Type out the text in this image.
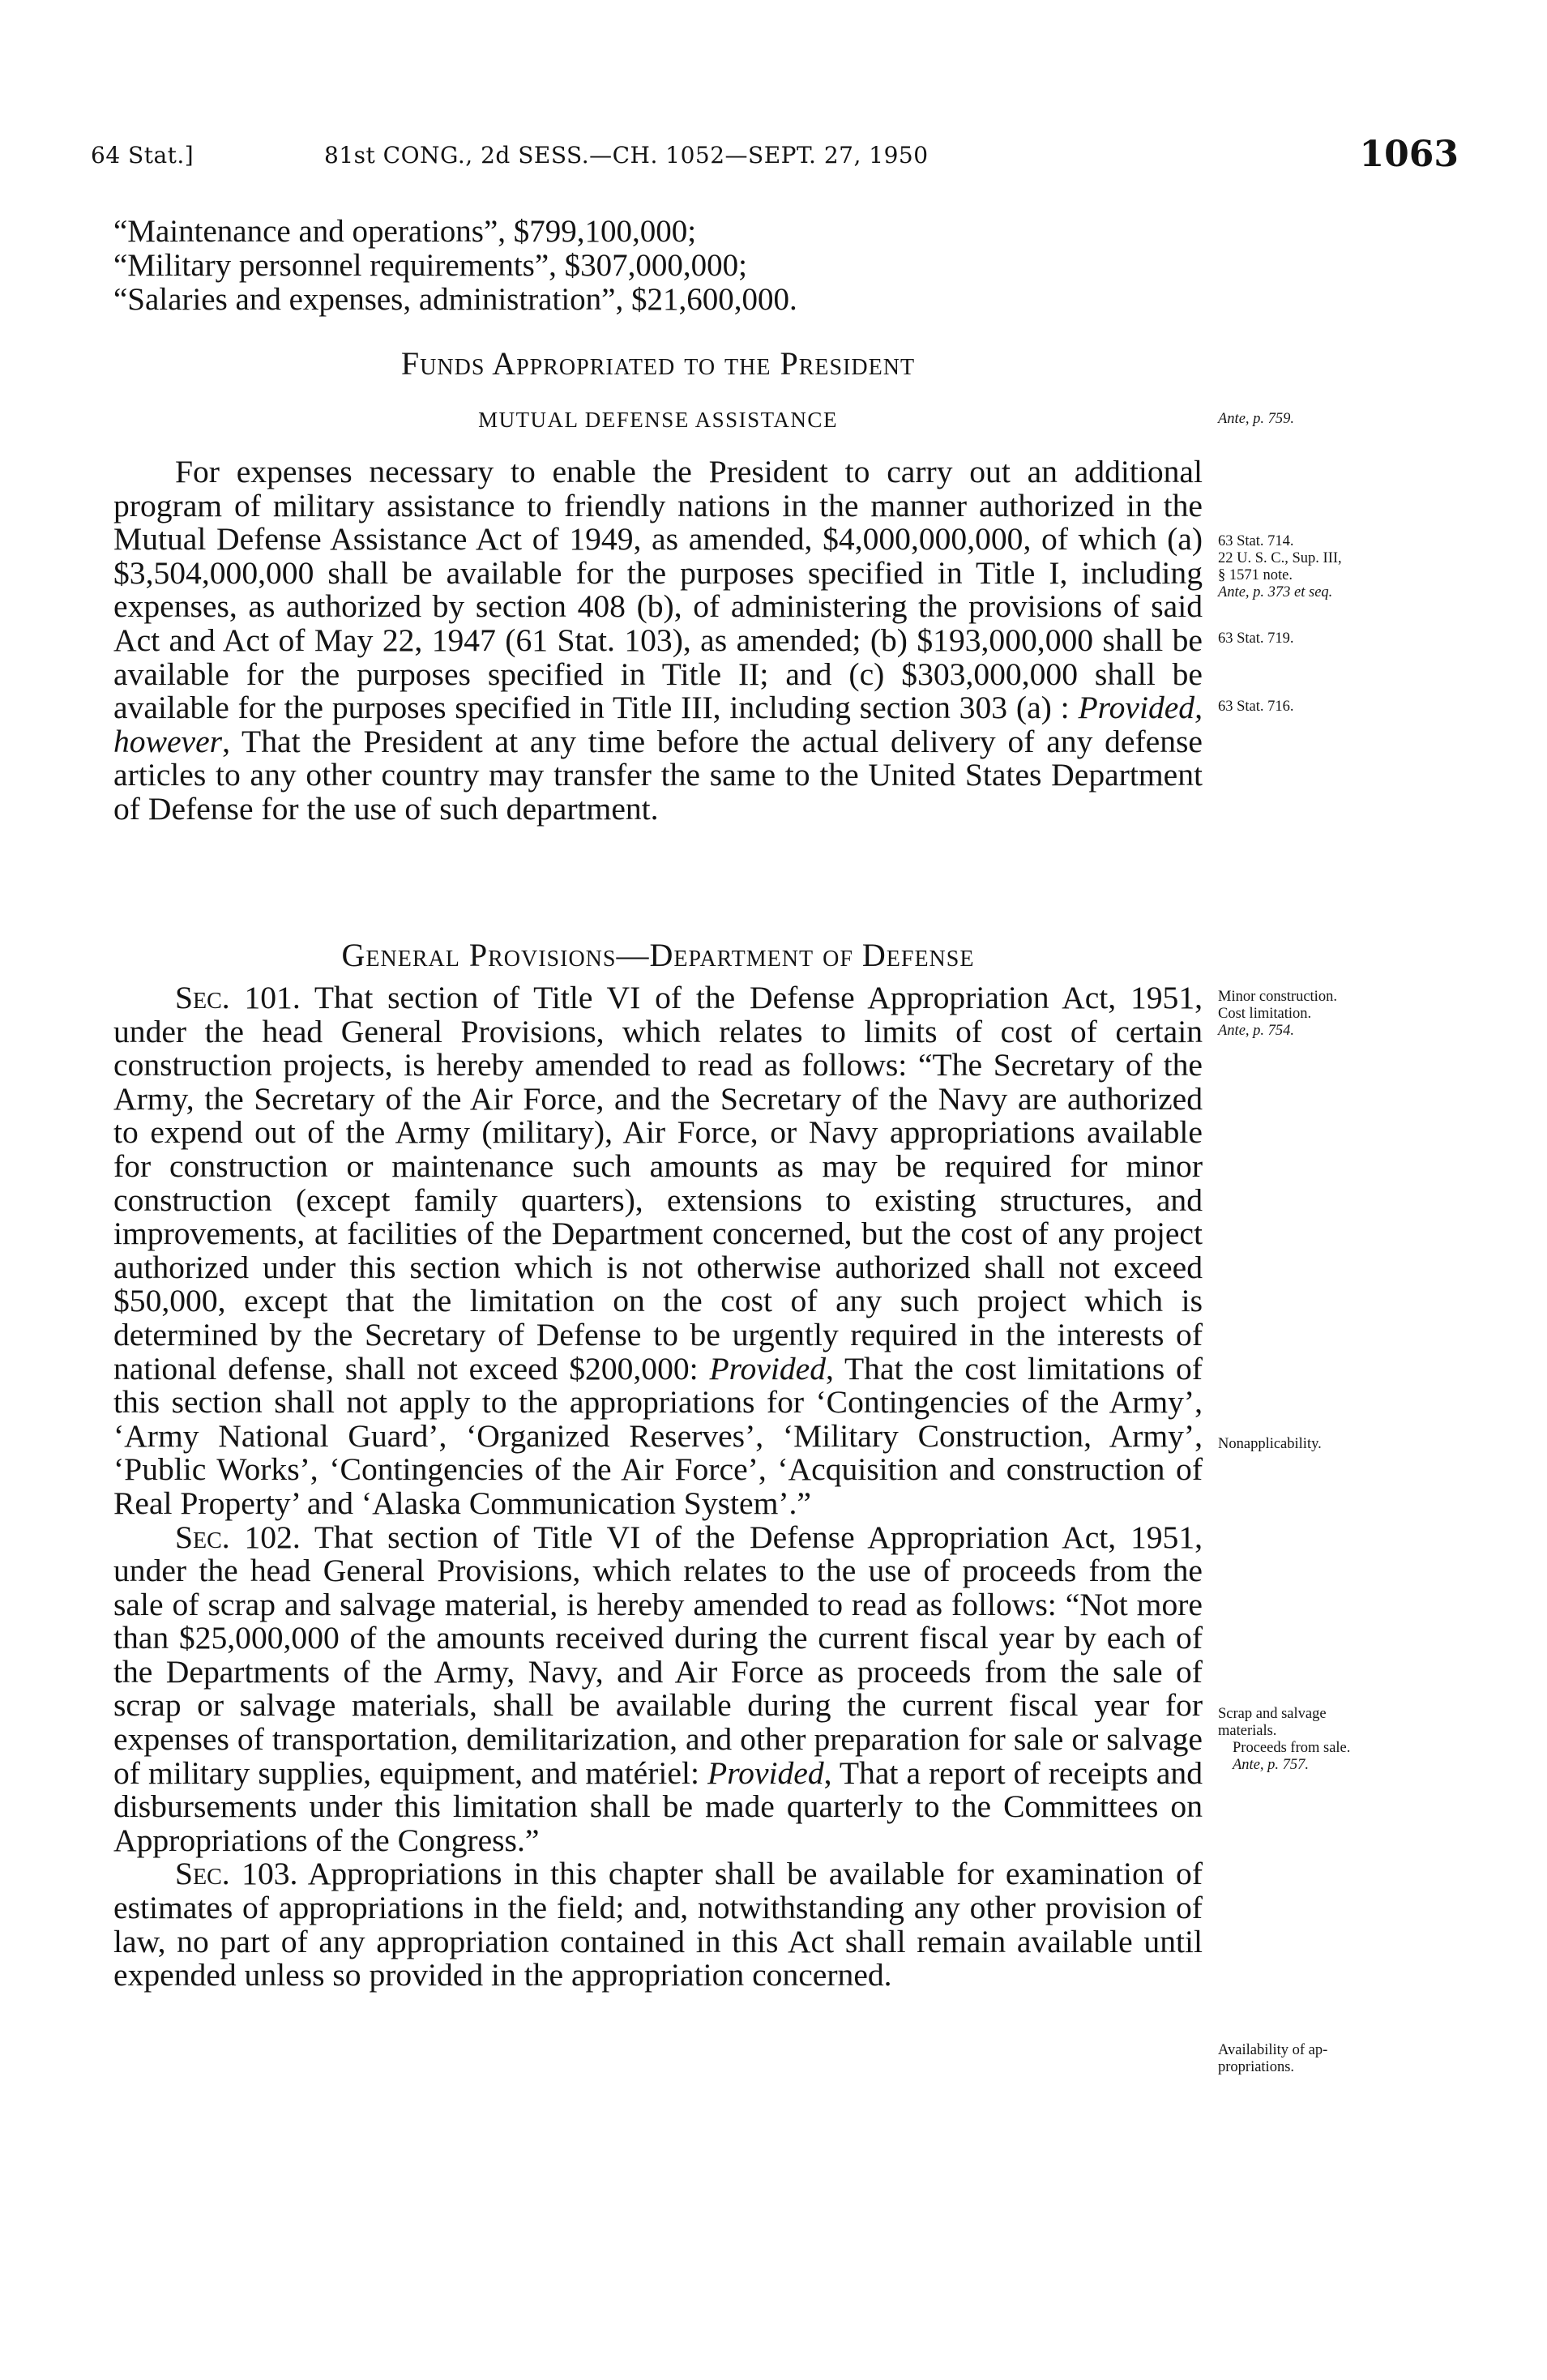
64 Stat.]	81st CONG., 2d SESS.—CH. 1052—SEPT. 27, 1950	1063
“Maintenance and operations”, $799,100,000;
“Military personnel requirements”, $307,000,000;
“Salaries and expenses, administration”, $21,600,000.
Funds Appropriated to the President
MUTUAL DEFENSE ASSISTANCE

For expenses necessary to enable the President to carry out an additional program of military assistance to friendly nations in the manner authorized in the Mutual Defense Assistance Act of 1949, as amended, $4,000,000,000, of which (a) $3,504,000,000 shall be available for the purposes specified in Title I, including expenses, as authorized by section 408 (b), of administering the provisions of said Act and Act of May 22, 1947 (61 Stat. 103), as amended; (b) $193,000,000 shall be available for the purposes specified in Title II; and (c) $303,000,000 shall be available for the purposes specified in Title III, including section 303 (a) : Provided, however, That the President at any time before the actual delivery of any defense articles to any other country may transfer the same to the United States Department of Defense for the use of such department.

General Provisions—Department of Defense

Sec. 101. That section of Title VI of the Defense Appropriation Act, 1951, under the head General Provisions, which relates to limits of cost of certain construction projects, is hereby amended to read as follows: “The Secretary of the Army, the Secretary of the Air Force, and the Secretary of the Navy are authorized to expend out of the Army (military), Air Force, or Navy appropriations available for construction or maintenance such amounts as may be required for minor construction (except family quarters), extensions to existing structures, and improvements, at facilities of the Department concerned, but the cost of any project authorized under this section which is not otherwise authorized shall not exceed $50,000, except that the limitation on the cost of any such project which is determined by the Secretary of Defense to be urgently required in the interests of national defense, shall not exceed $200,000: Provided, That the cost limitations of this section shall not apply to the appropriations for ‘Contingencies of the Army’, ‘Army National Guard’, ‘Organized Reserves’, ‘Military Construction, Army’, ‘Public Works’, ‘Contingencies of the Air Force’, ‘Acquisition and construction of Real Property’ and ‘Alaska Communication System’.”

Sec. 102. That section of Title VI of the Defense Appropriation Act, 1951, under the head General Provisions, which relates to the use of proceeds from the sale of scrap and salvage material, is hereby amended to read as follows: “Not more than $25,000,000 of the amounts received during the current fiscal year by each of the Departments of the Army, Navy, and Air Force as proceeds from the sale of scrap or salvage materials, shall be available during the current fiscal year for expenses of transportation, demilitarization, and other preparation for sale or salvage of military supplies, equipment, and matériel: Provided, That a report of receipts and disbursements under this limitation shall be made quarterly to the Committees on Appropriations of the Congress.”

Sec. 103. Appropriations in this chapter shall be available for examination of estimates of appropriations in the field; and, notwithstanding any other provision of law, no part of any appropriation contained in this Act shall remain available until expended unless so provided in the appropriation concerned.

Ante, p. 759.
63 Stat. 714.
22 U. S. C., Sup. III,
§ 1571 note.
Ante, p. 373 et seq.
63 Stat. 719.
63 Stat. 716.
Minor construction.
Cost limitation.
Ante, p. 754.
Nonapplicability.
Scrap and salvage
materials.
Proceeds from sale.
Ante, p. 757.
Availability of ap-
propriations.
